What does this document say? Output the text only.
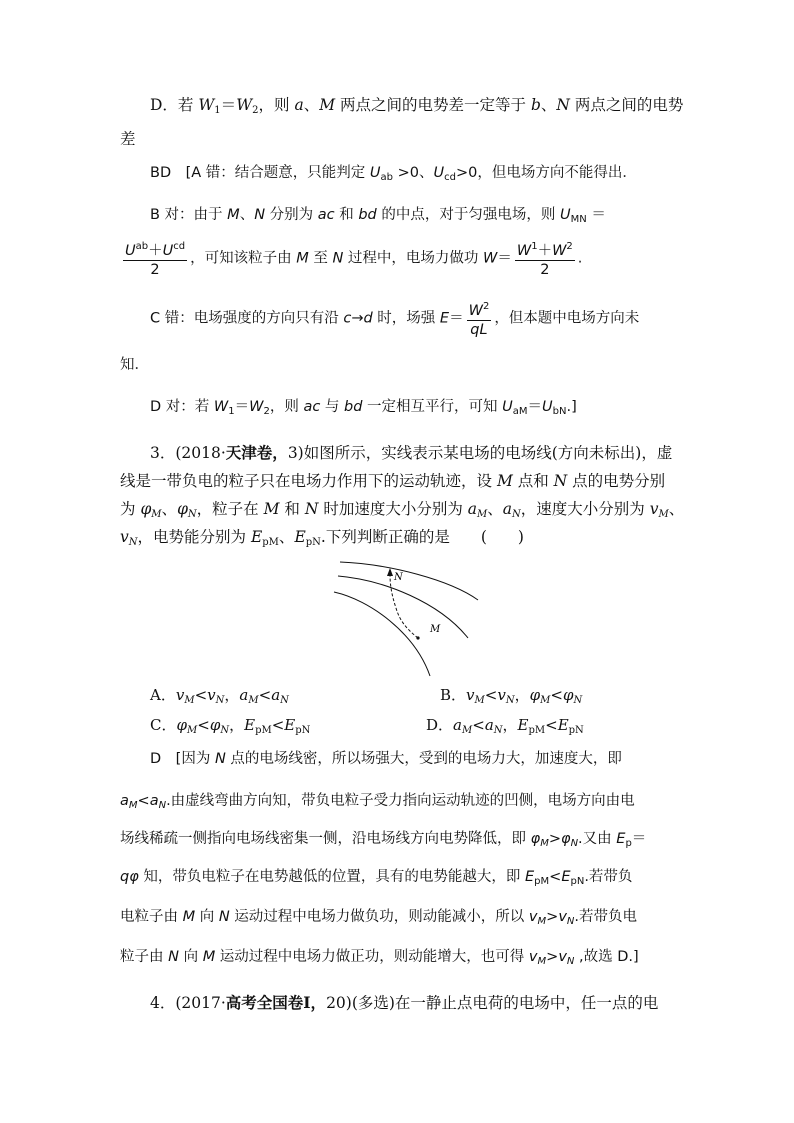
D．若 $W_1=W_2$，则 a、M 两点之间的电势差一定等于 b、N 两点之间的电势
差
BD　[A 错：结合题意，只能判定 $U_{ab} >0$、$U_{cd}>0$，但电场方向不能得出．
B 对：由于 M、N 分别为 ac 和 bd 的中点，对于匀强电场，则 $U_{MN}$ ＝
$\frac{U^{ab}+U^{cd}}{2}$ ，可知该粒子由 M 至 N 过程中，电场力做功 $W= \frac{W^1+W^2}{2}$ .
C 错：电场强度的方向只有沿 c→d 时，场强 $E= \frac{W^2}{qL}$ ，但本题中电场方向未
知．
D 对：若 $W_1=W_2$，则 ac 与 bd 一定相互平行，可知 $U_{aM}=U_{bN}$.]
3．(2018·天津卷，3)如图所示，实线表示某电场的电场线(方向未标出)，虚
线是一带负电的粒子只在电场力作用下的运动轨迹，设 M 点和 N 点的电势分别
为 $\varphi_M$、$\varphi_N$，粒子在 M 和 N 时加速度大小分别为 $a_M$、$a_N$，速度大小分别为 $v_M$、
$v_N$，电势能分别为 $E_{pM}$、$E_{pN}$.下列判断正确的是　　(　　)
N
M
A．$v_M<v_N$，$a_M<a_N$	B．$v_M<v_N$，$\varphi_M<\varphi_N$
C．$\varphi_M<\varphi_N$，$E_{pM}<E_{pN}$	D．$a_M<a_N$，$E_{pM}<E_{pN}$
D　[因为 N 点的电场线密，所以场强大，受到的电场力大，加速度大，即
$a_M<a_N$.由虚线弯曲方向知，带负电粒子受力指向运动轨迹的凹侧，电场方向由电
场线稀疏一侧指向电场线密集一侧，沿电场线方向电势降低，即 $\varphi_M>\varphi_N$.又由 $E_p=$
qφ 知，带负电粒子在电势越低的位置，具有的电势能越大，即 $E_{pM}<E_{pN}$.若带负
电粒子由 M 向 N 运动过程中电场力做负功，则动能减小，所以 $v_M>v_N$.若带负电
粒子由 N 向 M 运动过程中电场力做正功，则动能增大，也可得 $v_M>v_N$ ,故选 D.]
4．(2017·高考全国卷Ⅰ，20)(多选)在一静止点电荷的电场中，任一点的电
